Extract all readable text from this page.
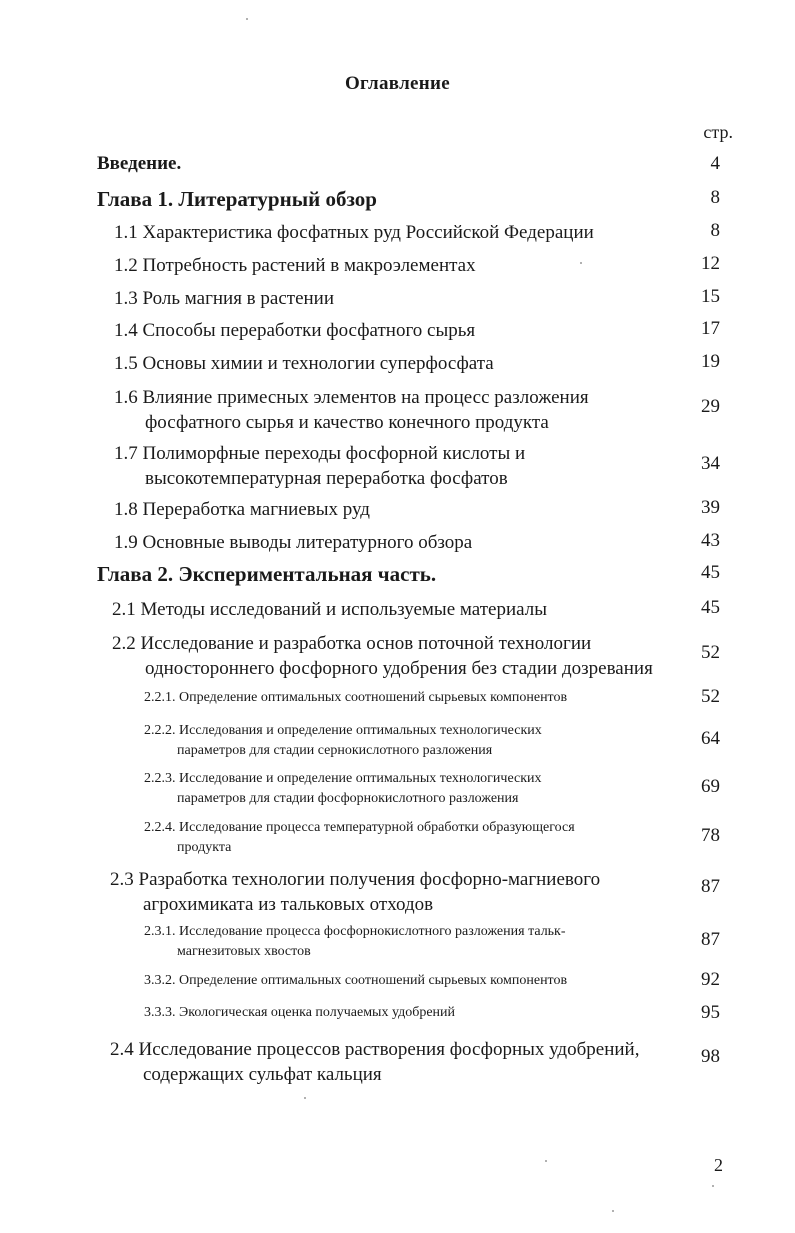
Оглавление
стр.
Введение.	4
Глава 1. Литературный обзор	8
1.1 Характеристика фосфатных руд Российской Федерации	8
1.2 Потребность растений в макроэлементах	12
1.3 Роль магния в растении	15
1.4 Способы переработки фосфатного сырья	17
1.5 Основы химии и технологии суперфосфата	19
1.6 Влияние примесных элементов на процесс разложения
фосфатного сырья и качество конечного продукта
29
1.7 Полиморфные переходы фосфорной кислоты и
высокотемпературная переработка фосфатов
34
1.8 Переработка магниевых руд	39
1.9 Основные выводы литературного обзора	43
Глава 2. Экспериментальная часть.	45
2.1 Методы исследований и используемые материалы	45
2.2 Исследование и разработка основ поточной технологии
одностороннего фосфорного удобрения без стадии дозревания
52
2.2.1. Определение оптимальных соотношений сырьевых компонентов	52
2.2.2. Исследования и определение оптимальных технологических
параметров для стадии сернокислотного разложения
64
2.2.3. Исследование и определение оптимальных технологических
параметров для стадии фосфорнокислотного разложения
69
2.2.4. Исследование процесса температурной обработки образующегося
продукта
78
2.3 Разработка технологии получения фосфорно-магниевого
агрохимиката из тальковых отходов
87
2.3.1. Исследование процесса фосфорнокислотного разложения тальк-
магнезитовых хвостов
87
3.3.2. Определение оптимальных соотношений сырьевых компонентов	92
3.3.3. Экологическая оценка получаемых удобрений	95
2.4 Исследование процессов растворения фосфорных удобрений,
содержащих сульфат кальция
98
2
